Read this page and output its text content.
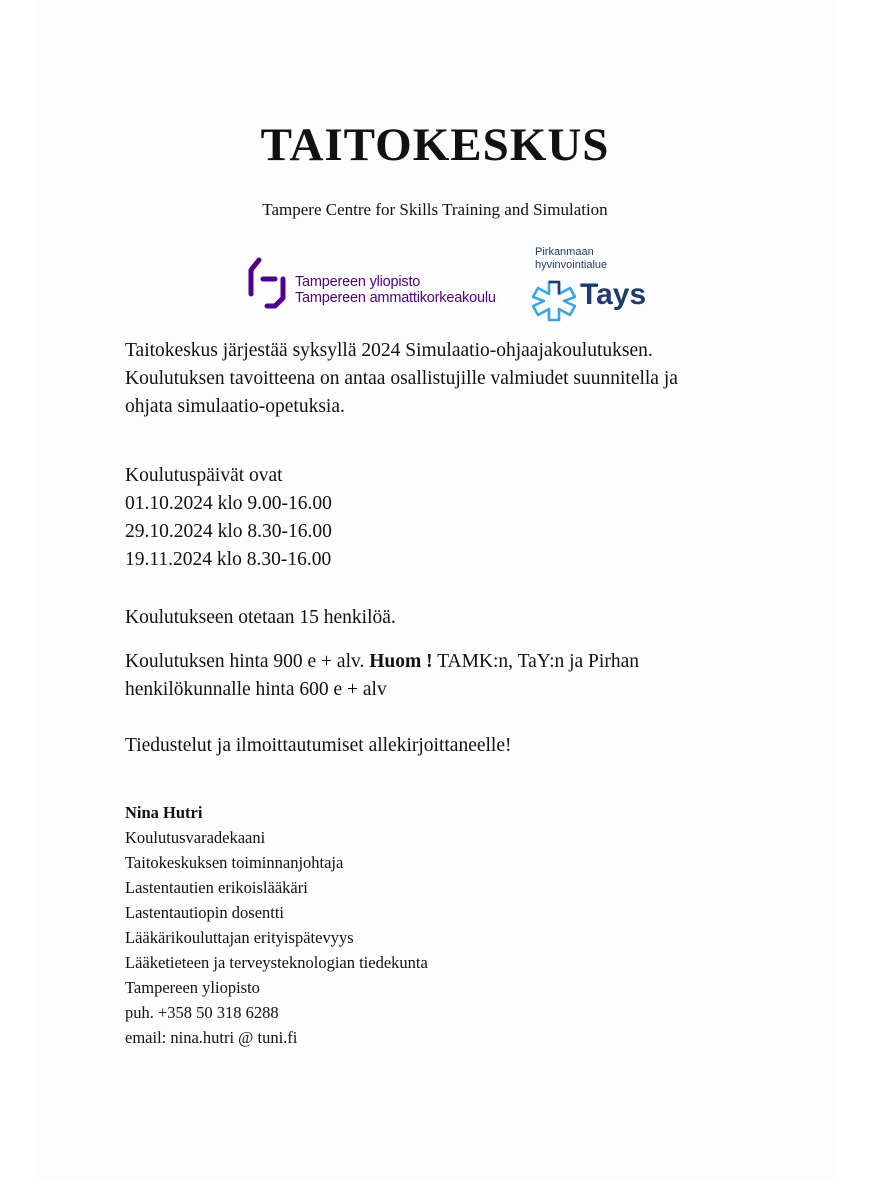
TAITOKESKUS
Tampere Centre for Skills Training and Simulation
Tampereen yliopisto
Tampereen ammattikorkeakoulu
Pirkanmaan
hyvinvointialue
Tays
Taitokeskus järjestää syksyllä 2024 Simulaatio-ohjaajakoulutuksen.
Koulutuksen tavoitteena on antaa osallistujille valmiudet suunnitella ja
ohjata simulaatio-opetuksia.
Koulutuspäivät ovat
01.10.2024 klo 9.00-16.00
29.10.2024 klo 8.30-16.00
19.11.2024 klo 8.30-16.00
Koulutukseen otetaan 15 henkilöä.
Koulutuksen hinta 900 e + alv. Huom ! TAMK:n, TaY:n ja Pirhan
henkilökunnalle hinta 600 e + alv
Tiedustelut ja ilmoittautumiset allekirjoittaneelle!
Nina Hutri
Koulutusvaradekaani
Taitokeskuksen toiminnanjohtaja
Lastentautien erikoislääkäri
Lastentautiopin dosentti
Lääkärikouluttajan erityispätevyys
Lääketieteen ja terveysteknologian tiedekunta
Tampereen yliopisto
puh. +358 50 318 6288
email: nina.hutri @ tuni.fi
